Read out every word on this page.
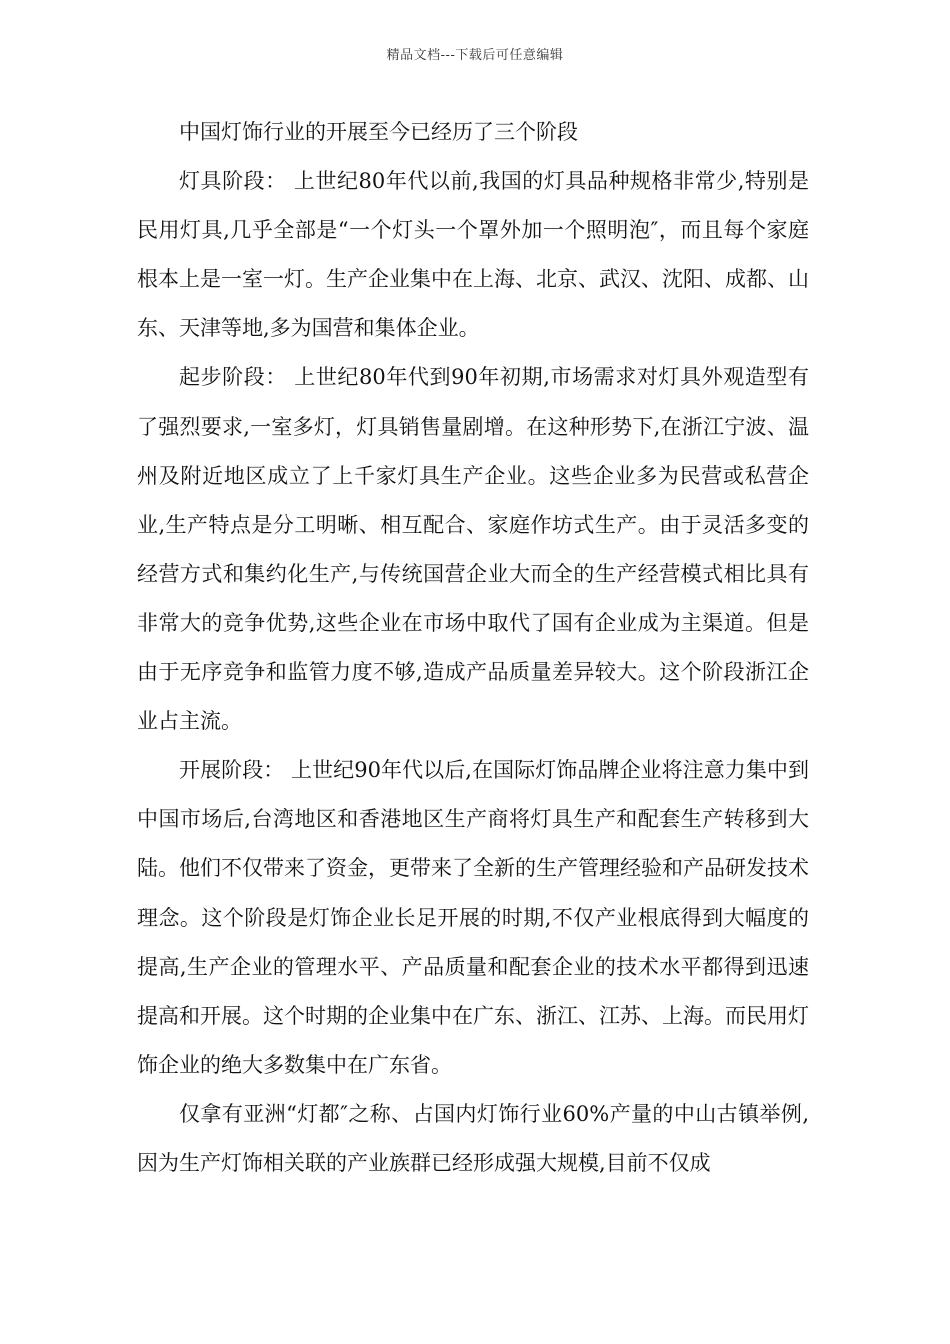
精品文档---下载后可任意编辑

中国灯饰行业的开展至今已经历了三个阶段

灯具阶段： 上世纪80年代以前,我国的灯具品种规格非常少,特别是民用灯具,几乎全部是“一个灯头一个罩外加一个照明泡″，而且每个家庭根本上是一室一灯。生产企业集中在上海、北京、武汉、沈阳、成都、山东、天津等地,多为国营和集体企业。

起步阶段： 上世纪80年代到90年初期,市场需求对灯具外观造型有了强烈要求,一室多灯，灯具销售量剧增。在这种形势下,在浙江宁波、温州及附近地区成立了上千家灯具生产企业。这些企业多为民营或私营企业,生产特点是分工明晰、相互配合、家庭作坊式生产。由于灵活多变的经营方式和集约化生产,与传统国营企业大而全的生产经营模式相比具有非常大的竞争优势,这些企业在市场中取代了国有企业成为主渠道。但是由于无序竞争和监管力度不够,造成产品质量差异较大。这个阶段浙江企业占主流。

开展阶段： 上世纪90年代以后,在国际灯饰品牌企业将注意力集中到中国市场后,台湾地区和香港地区生产商将灯具生产和配套生产转移到大陆。他们不仅带来了资金，更带来了全新的生产管理经验和产品研发技术理念。这个阶段是灯饰企业长足开展的时期,不仅产业根底得到大幅度的提高,生产企业的管理水平、产品质量和配套企业的技术水平都得到迅速提高和开展。这个时期的企业集中在广东、浙江、江苏、上海。而民用灯饰企业的绝大多数集中在广东省。

仅拿有亚洲“灯都″之称、占国内灯饰行业60%产量的中山古镇举例,因为生产灯饰相关联的产业族群已经形成强大规模,目前不仅成
